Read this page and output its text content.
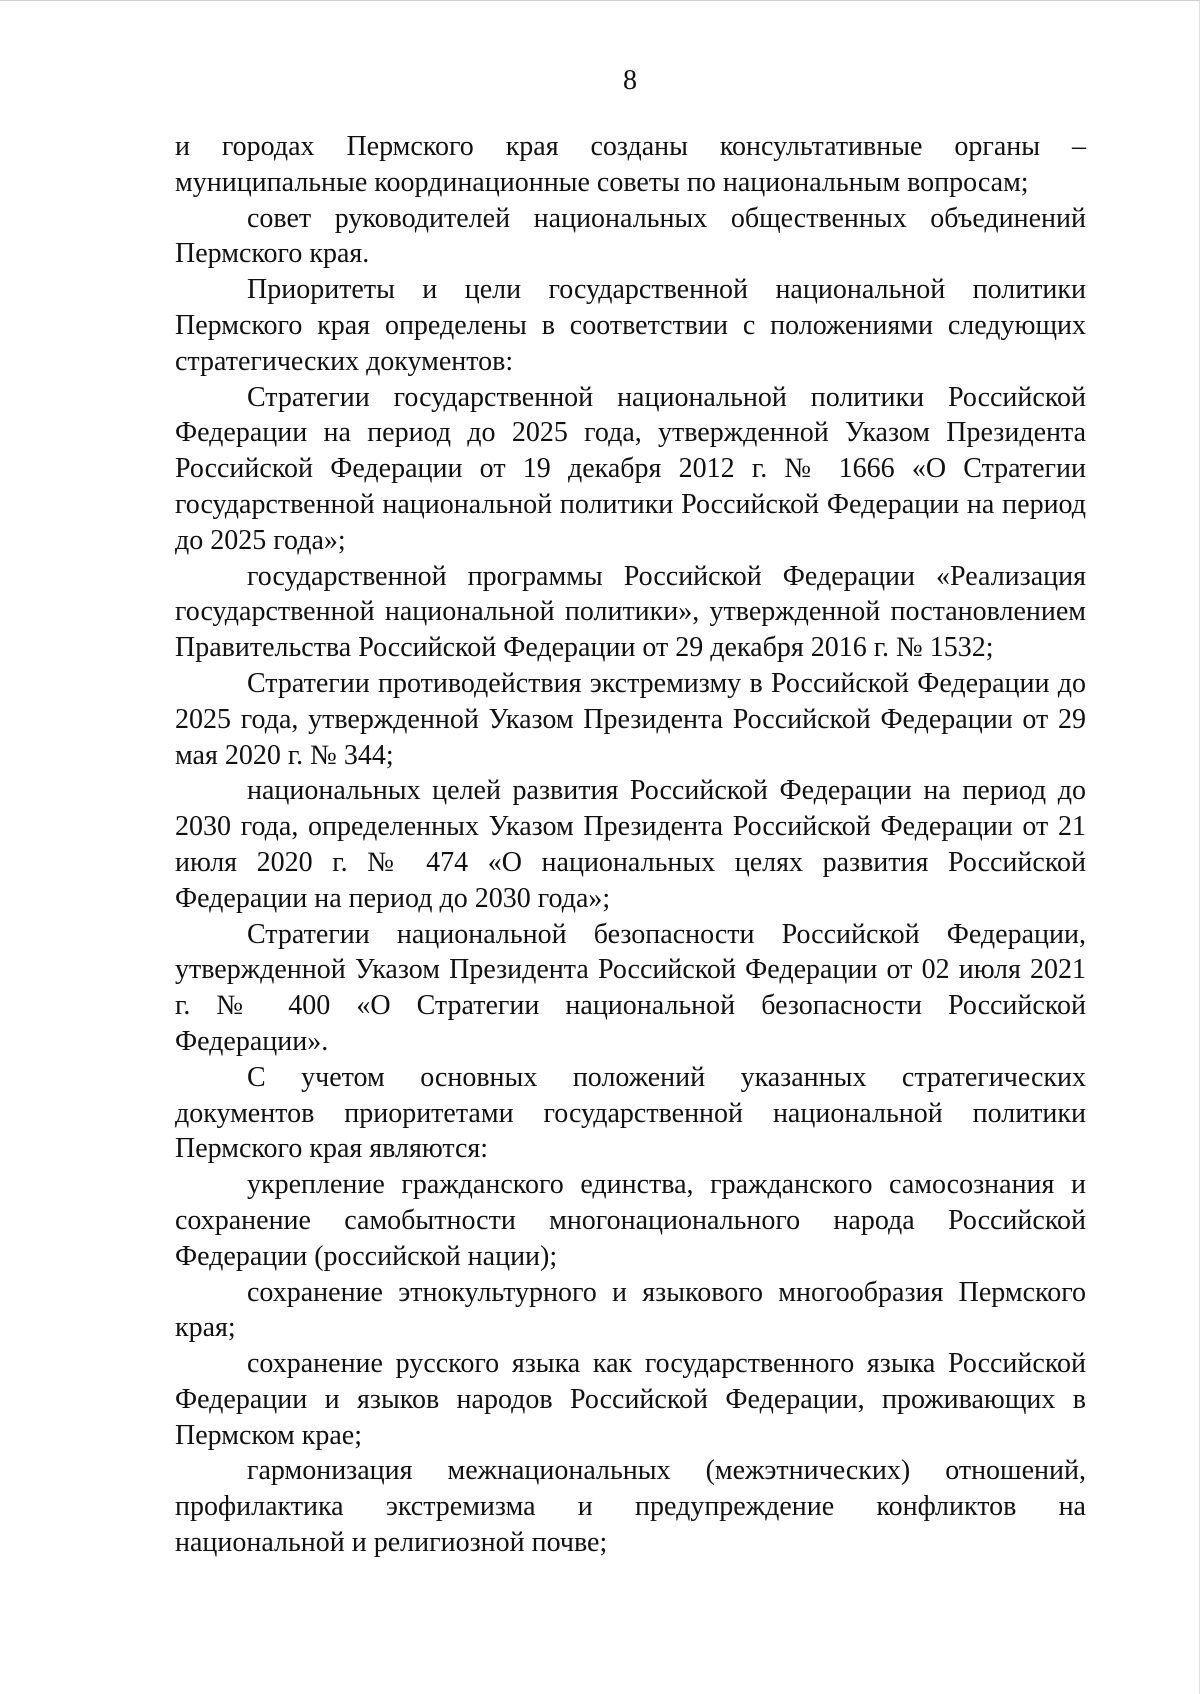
8

и городах Пермского края созданы консультативные органы – муниципальные координационные советы по национальным вопросам;

совет руководителей национальных общественных объединений Пермского края.

Приоритеты и цели государственной национальной политики Пермского края определены в соответствии с положениями следующих стратегических документов:

Стратегии государственной национальной политики Российской Федерации на период до 2025 года, утвержденной Указом Президента Российской Федерации от 19 декабря 2012 г. № 1666 «О Стратегии государственной национальной политики Российской Федерации на период до 2025 года»;

государственной программы Российской Федерации «Реализация государственной национальной политики», утвержденной постановлением Правительства Российской Федерации от 29 декабря 2016 г. № 1532;

Стратегии противодействия экстремизму в Российской Федерации до 2025 года, утвержденной Указом Президента Российской Федерации от 29 мая 2020 г. № 344;

национальных целей развития Российской Федерации на период до 2030 года, определенных Указом Президента Российской Федерации от 21 июля 2020 г. № 474 «О национальных целях развития Российской Федерации на период до 2030 года»;

Стратегии национальной безопасности Российской Федерации, утвержденной Указом Президента Российской Федерации от 02 июля 2021 г. № 400 «О Стратегии национальной безопасности Российской Федерации».

С учетом основных положений указанных стратегических документов приоритетами государственной национальной политики Пермского края являются:

укрепление гражданского единства, гражданского самосознания и сохранение самобытности многонационального народа Российской Федерации (российской нации);

сохранение этнокультурного и языкового многообразия Пермского края;

сохранение русского языка как государственного языка Российской Федерации и языков народов Российской Федерации, проживающих в Пермском крае;

гармонизация межнациональных (межэтнических) отношений, профилактика экстремизма и предупреждение конфликтов на национальной и религиозной почве;
